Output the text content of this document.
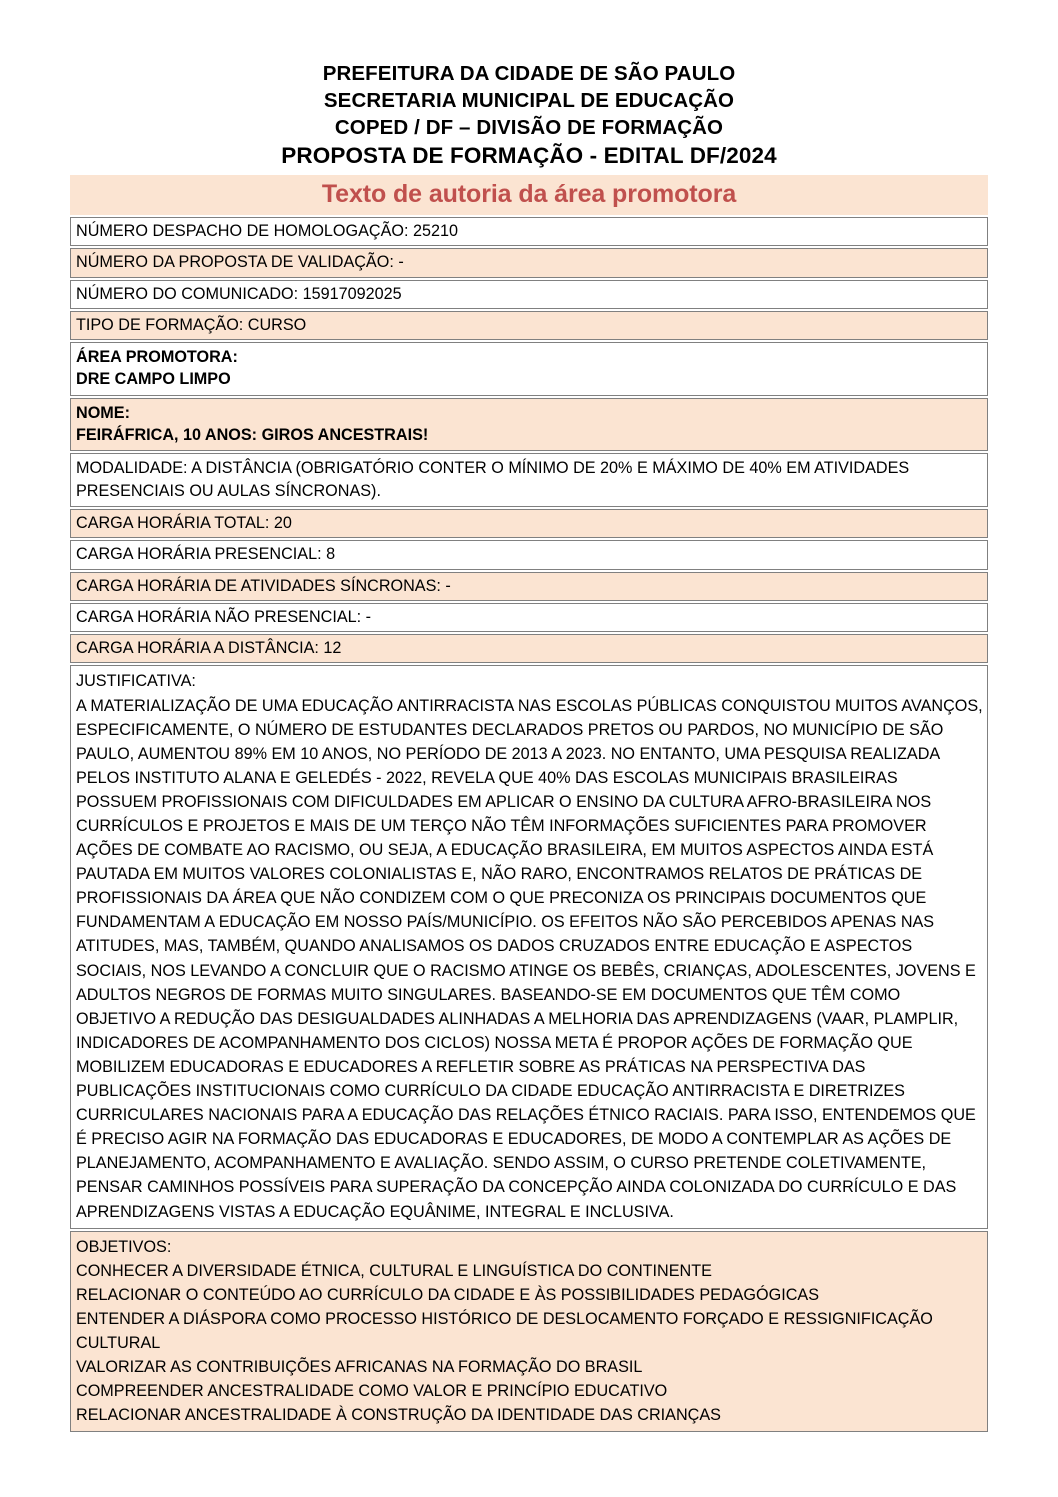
PREFEITURA DA CIDADE DE SÃO PAULO
SECRETARIA MUNICIPAL DE EDUCAÇÃO
COPED / DF – DIVISÃO DE FORMAÇÃO
PROPOSTA DE FORMAÇÃO - EDITAL DF/2024
Texto de autoria da área promotora
NÚMERO DESPACHO DE HOMOLOGAÇÃO: 25210
NÚMERO DA PROPOSTA DE VALIDAÇÃO: -
NÚMERO DO COMUNICADO: 15917092025
TIPO DE FORMAÇÃO: CURSO
ÁREA PROMOTORA:
DRE CAMPO LIMPO
NOME:
FEIRÁFRICA, 10 ANOS: GIROS ANCESTRAIS!
MODALIDADE: A DISTÂNCIA (OBRIGATÓRIO CONTER O MÍNIMO DE 20% E MÁXIMO DE 40% EM ATIVIDADES PRESENCIAIS OU AULAS SÍNCRONAS).
CARGA HORÁRIA TOTAL: 20
CARGA HORÁRIA PRESENCIAL: 8
CARGA HORÁRIA DE ATIVIDADES SÍNCRONAS: -
CARGA HORÁRIA NÃO PRESENCIAL: -
CARGA HORÁRIA A DISTÂNCIA: 12
JUSTIFICATIVA:
A MATERIALIZAÇÃO DE UMA EDUCAÇÃO ANTIRRACISTA NAS ESCOLAS PÚBLICAS CONQUISTOU MUITOS AVANÇOS, ESPECIFICAMENTE, O NÚMERO DE ESTUDANTES DECLARADOS PRETOS OU PARDOS, NO MUNICÍPIO DE SÃO PAULO, AUMENTOU 89% EM 10 ANOS, NO PERÍODO DE 2013 A 2023. NO ENTANTO, UMA PESQUISA REALIZADA PELOS INSTITUTO ALANA E GELEDÉS - 2022, REVELA QUE 40% DAS ESCOLAS MUNICIPAIS BRASILEIRAS POSSUEM PROFISSIONAIS COM DIFICULDADES EM APLICAR O ENSINO DA CULTURA AFRO-BRASILEIRA NOS CURRÍCULOS E PROJETOS E MAIS DE UM TERÇO NÃO TÊM INFORMAÇÕES SUFICIENTES PARA PROMOVER AÇÕES DE COMBATE AO RACISMO, OU SEJA, A EDUCAÇÃO BRASILEIRA, EM MUITOS ASPECTOS AINDA ESTÁ PAUTADA EM MUITOS VALORES COLONIALISTAS E, NÃO RARO, ENCONTRAMOS RELATOS DE PRÁTICAS DE PROFISSIONAIS DA ÁREA QUE NÃO CONDIZEM COM O QUE PRECONIZA OS PRINCIPAIS DOCUMENTOS QUE FUNDAMENTAM A EDUCAÇÃO EM NOSSO PAÍS/MUNICÍPIO. OS EFEITOS NÃO SÃO PERCEBIDOS APENAS NAS ATITUDES, MAS, TAMBÉM, QUANDO ANALISAMOS OS DADOS CRUZADOS ENTRE EDUCAÇÃO E ASPECTOS SOCIAIS, NOS LEVANDO A CONCLUIR QUE O RACISMO ATINGE OS BEBÊS, CRIANÇAS, ADOLESCENTES, JOVENS E ADULTOS NEGROS DE FORMAS MUITO SINGULARES. BASEANDO-SE EM DOCUMENTOS QUE TÊM COMO OBJETIVO A REDUÇÃO DAS DESIGUALDADES ALINHADAS A MELHORIA DAS APRENDIZAGENS (VAAR, PLAMPLIR, INDICADORES DE ACOMPANHAMENTO DOS CICLOS) NOSSA META É PROPOR AÇÕES DE FORMAÇÃO QUE MOBILIZEM EDUCADORAS E EDUCADORES A REFLETIR SOBRE AS PRÁTICAS NA PERSPECTIVA DAS PUBLICAÇÕES INSTITUCIONAIS COMO CURRÍCULO DA CIDADE EDUCAÇÃO ANTIRRACISTA E DIRETRIZES CURRICULARES NACIONAIS PARA A EDUCAÇÃO DAS RELAÇÕES ÉTNICO RACIAIS. PARA ISSO, ENTENDEMOS QUE É PRECISO AGIR NA FORMAÇÃO DAS EDUCADORAS E EDUCADORES, DE MODO A CONTEMPLAR AS AÇÕES DE PLANEJAMENTO, ACOMPANHAMENTO E AVALIAÇÃO. SENDO ASSIM, O CURSO PRETENDE COLETIVAMENTE, PENSAR CAMINHOS POSSÍVEIS PARA SUPERAÇÃO DA CONCEPÇÃO AINDA COLONIZADA DO CURRÍCULO E DAS APRENDIZAGENS VISTAS A EDUCAÇÃO EQUÂNIME, INTEGRAL E INCLUSIVA.
OBJETIVOS:
CONHECER A DIVERSIDADE ÉTNICA, CULTURAL E LINGUÍSTICA DO CONTINENTE
RELACIONAR O CONTEÚDO AO CURRÍCULO DA CIDADE E ÀS POSSIBILIDADES PEDAGÓGICAS
ENTENDER A DIÁSPORA COMO PROCESSO HISTÓRICO DE DESLOCAMENTO FORÇADO E RESSIGNIFICAÇÃO CULTURAL
VALORIZAR AS CONTRIBUIÇÕES AFRICANAS NA FORMAÇÃO DO BRASIL
COMPREENDER ANCESTRALIDADE COMO VALOR E PRINCÍPIO EDUCATIVO
RELACIONAR ANCESTRALIDADE À CONSTRUÇÃO DA IDENTIDADE DAS CRIANÇAS
